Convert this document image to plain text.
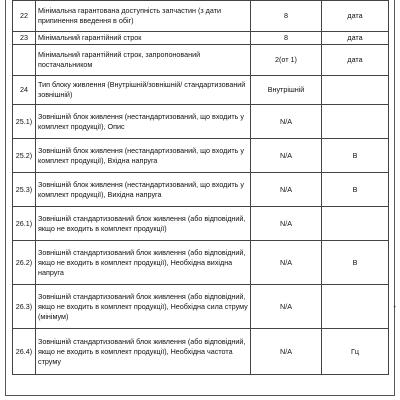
22	Мінімальна гарантована доступність запчастин (з дати припинення введення в обіг)	8	дата
23	Мінімальний гарантійний строк	8	дата
	Мінімальний гарантійний строк, запропонований постачальником	2(от 1)	дата
24	Тип блоку живлення (Внутрішній/зовнішній/ стандартизований зовнішній)	Внутрішній	
25.1)	Зовнішній блок живлення (нестандартизований, що входить у комплект продукції), Опис	N/A	
25.2)	Зовнішній блок живлення (нестандартизований, що входить у комплект продукції), Вхідна напруга	N/A	В
25.3)	Зовнішній блок живлення (нестандартизований, що входить у комплект продукції), Вихідна напруга	N/A	В
26.1)	Зовнішній стандартизований блок живлення (або відповідний, якщо не входить в комплект продукції)	N/A	
26.2)	Зовнішній стандартизований блок живлення (або відповідний, якщо не входить в комплект продукції), Необхідна вихідна напруга	N/A	В
26.3)	Зовнішній стандартизований блок живлення (або відповідний, якщо не входить в комплект продукції), Необхідна сила струму (мінімум)	N/A	-

26.4)	Зовнішній стандартизований блок живлення (або відповідний, якщо не входить в комплект продукції), Необхідна частота струму	N/A	Гц
